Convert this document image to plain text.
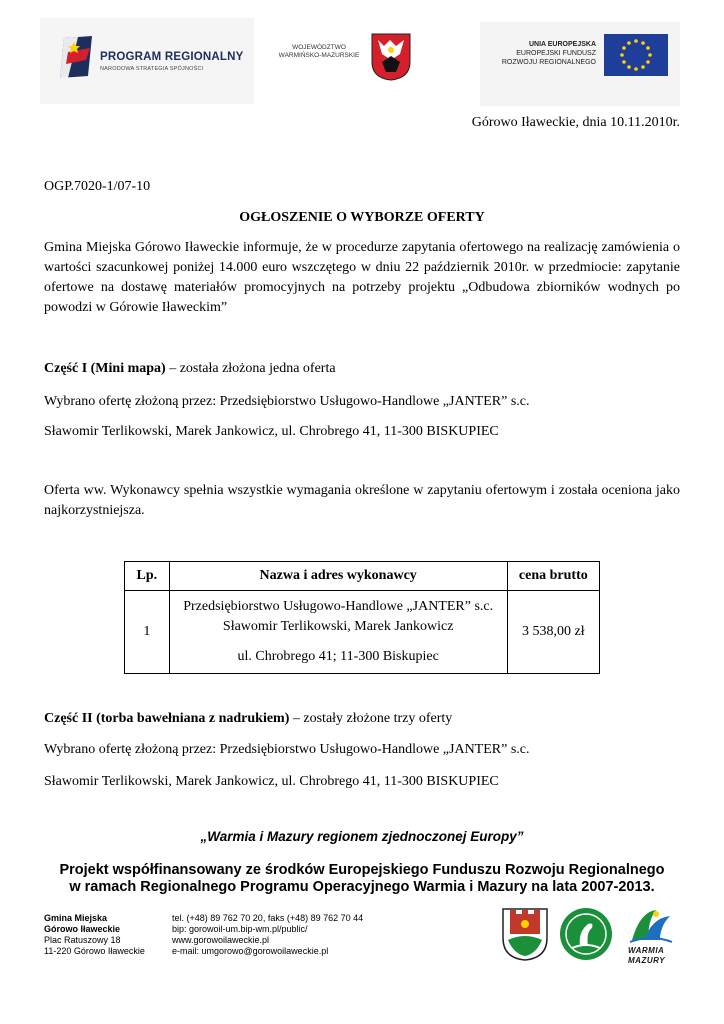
PROGRAM REGIONALNY
NARODOWA STRATEGIA SPÓJNOŚCI
WOJEWÓDZTWO
WARMIŃSKO-MAZURSKIE
UNIA EUROPEJSKA
EUROPEJSKI FUNDUSZ
ROZWOJU REGIONALNEGO
Górowo Iławeckie, dnia 10.11.2010r.
OGP.7020-1/07-10
OGŁOSZENIE O WYBORZE OFERTY
Gmina Miejska Górowo Iławeckie informuje, że w procedurze zapytania ofertowego na realizację zamówienia o wartości szacunkowej poniżej 14.000 euro wszczętego w dniu 22 październik 2010r. w przedmiocie: zapytanie ofertowe na dostawę materiałów promocyjnych na potrzeby projektu „Odbudowa zbiorników wodnych po powodzi w Górowie Iławeckim”
Część I (Mini mapa) – została złożona jedna oferta
Wybrano ofertę złożoną przez: Przedsiębiorstwo Usługowo-Handlowe „JANTER” s.c.
Sławomir Terlikowski, Marek Jankowicz, ul. Chrobrego 41, 11-300 BISKUPIEC
Oferta ww. Wykonawcy spełnia wszystkie wymagania określone w zapytaniu ofertowym i została oceniona jako najkorzystniejsza.
Lp.	Nazwa i adres wykonawcy	cena brutto
1	Przedsiębiorstwo Usługowo-Handlowe „JANTER” s.c.
Sławomir Terlikowski, Marek Jankowicz
ul. Chrobrego 41; 11-300 Biskupiec	3 538,00 zł
Część II (torba bawełniana z nadrukiem) – zostały złożone trzy oferty
Wybrano ofertę złożoną przez: Przedsiębiorstwo Usługowo-Handlowe „JANTER” s.c.
Sławomir Terlikowski, Marek Jankowicz, ul. Chrobrego 41, 11-300 BISKUPIEC
„Warmia i Mazury regionem zjednoczonej Europy”
Projekt współfinansowany ze środków Europejskiego Funduszu Rozwoju Regionalnego
w ramach Regionalnego Programu Operacyjnego Warmia i Mazury na lata 2007-2013.
Gmina Miejska
Górowo Iławeckie
Plac Ratuszowy 18
11-220 Górowo Iławeckie
tel. (+48) 89 762 70 20, faks (+48) 89 762 70 44
bip: gorowoil-um.bip-wm.pl/public/
www.gorowoilaweckie.pl
e-mail: umgorowo@gorowoilaweckie.pl	WARMIA
MAZURY
